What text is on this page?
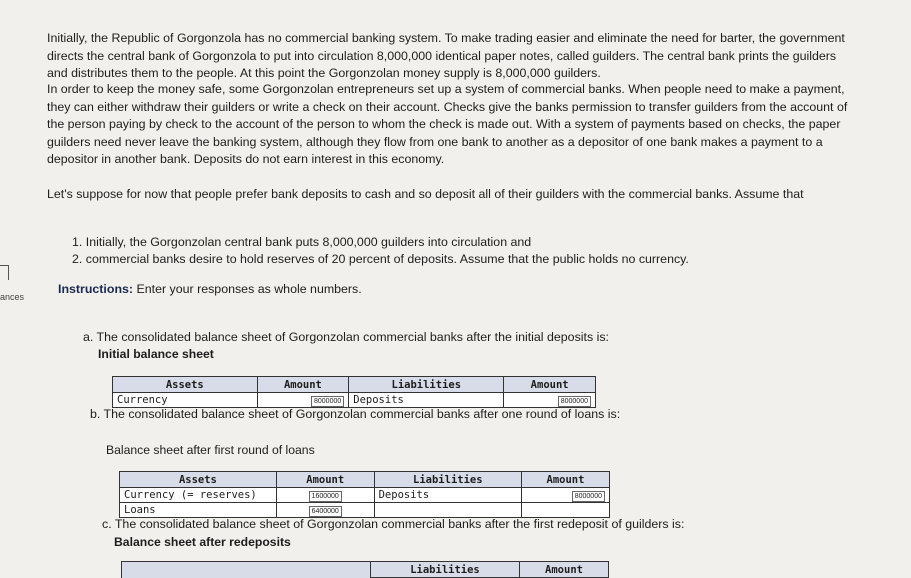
ances
Initially, the Republic of Gorgonzola has no commercial banking system. To make trading easier and eliminate the need for barter, the government directs the central bank of Gorgonzola to put into circulation 8,000,000 identical paper notes, called guilders. The central bank prints the guilders and distributes them to the people. At this point the Gorgonzolan money supply is 8,000,000 guilders.
In order to keep the money safe, some Gorgonzolan entrepreneurs set up a system of commercial banks. When people need to make a payment, they can either withdraw their guilders or write a check on their account. Checks give the banks permission to transfer guilders from the account of the person paying by check to the account of the person to whom the check is made out. With a system of payments based on checks, the paper guilders need never leave the banking system, although they flow from one bank to another as a depositor of one bank makes a payment to a depositor in another bank. Deposits do not earn interest in this economy.
Let's suppose for now that people prefer bank deposits to cash and so deposit all of their guilders with the commercial banks. Assume that
1. Initially, the Gorgonzolan central bank puts 8,000,000 guilders into circulation and
2. commercial banks desire to hold reserves of 20 percent of deposits. Assume that the public holds no currency.
Instructions: Enter your responses as whole numbers.
a. The consolidated balance sheet of Gorgonzolan commercial banks after the initial deposits is:
Initial balance sheet
Assets	Amount	Liabilities	Amount
Currency	8000000	Deposits	8000000
b. The consolidated balance sheet of Gorgonzolan commercial banks after one round of loans is:
Balance sheet after first round of loans
Assets	Amount	Liabilities	Amount
Currency (= reserves)	1600000	Deposits	8000000
Loans	6400000		
c. The consolidated balance sheet of Gorgonzolan commercial banks after the first redeposit of guilders is:
Balance sheet after redeposits
	Liabilities	Amount
